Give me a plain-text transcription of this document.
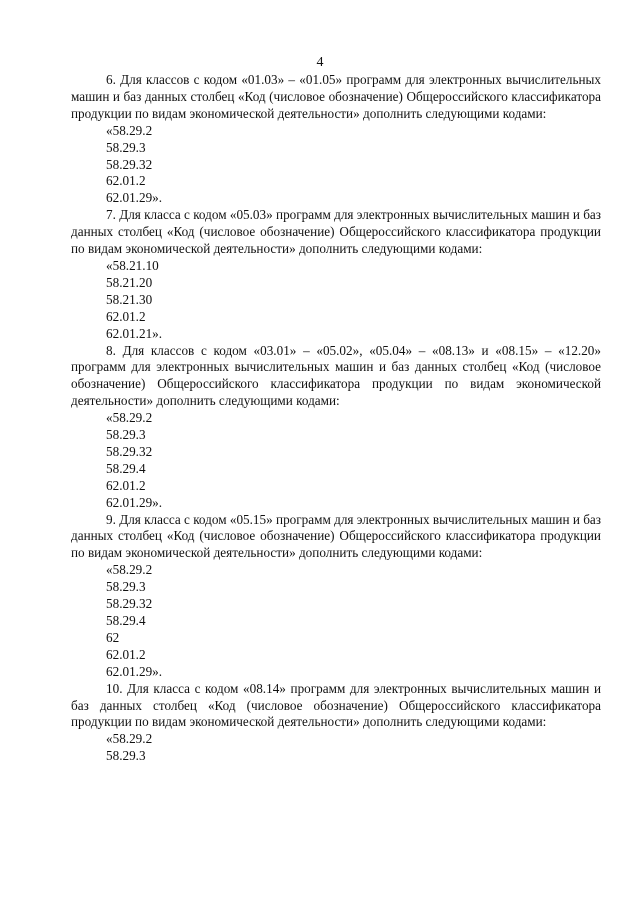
4

6. Для классов с кодом «01.03» – «01.05» программ для электронных вычислительных машин и баз данных столбец «Код (числовое обозначение) Общероссийского классификатора продукции по видам экономической деятельности» дополнить следующими кодами:

«58.29.2

58.29.3

58.29.32

62.01.2

62.01.29».

7. Для класса с кодом «05.03» программ для электронных вычислительных машин и баз данных столбец «Код (числовое обозначение) Общероссийского классификатора продукции по видам экономической деятельности» дополнить следующими кодами:

«58.21.10

58.21.20

58.21.30

62.01.2

62.01.21».

8. Для классов с кодом «03.01» – «05.02», «05.04» – «08.13» и «08.15» – «12.20» программ для электронных вычислительных машин и баз данных столбец «Код (числовое обозначение) Общероссийского классификатора продукции по видам экономической деятельности» дополнить следующими кодами:

«58.29.2

58.29.3

58.29.32

58.29.4

62.01.2

62.01.29».

9. Для класса с кодом «05.15» программ для электронных вычислительных машин и баз данных столбец «Код (числовое обозначение) Общероссийского классификатора продукции по видам экономической деятельности» дополнить следующими кодами:

«58.29.2

58.29.3

58.29.32

58.29.4

62

62.01.2

62.01.29».

10. Для класса с кодом «08.14» программ для электронных вычислительных машин и баз данных столбец «Код (числовое обозначение) Общероссийского классификатора продукции по видам экономической деятельности» дополнить следующими кодами:

«58.29.2

58.29.3
